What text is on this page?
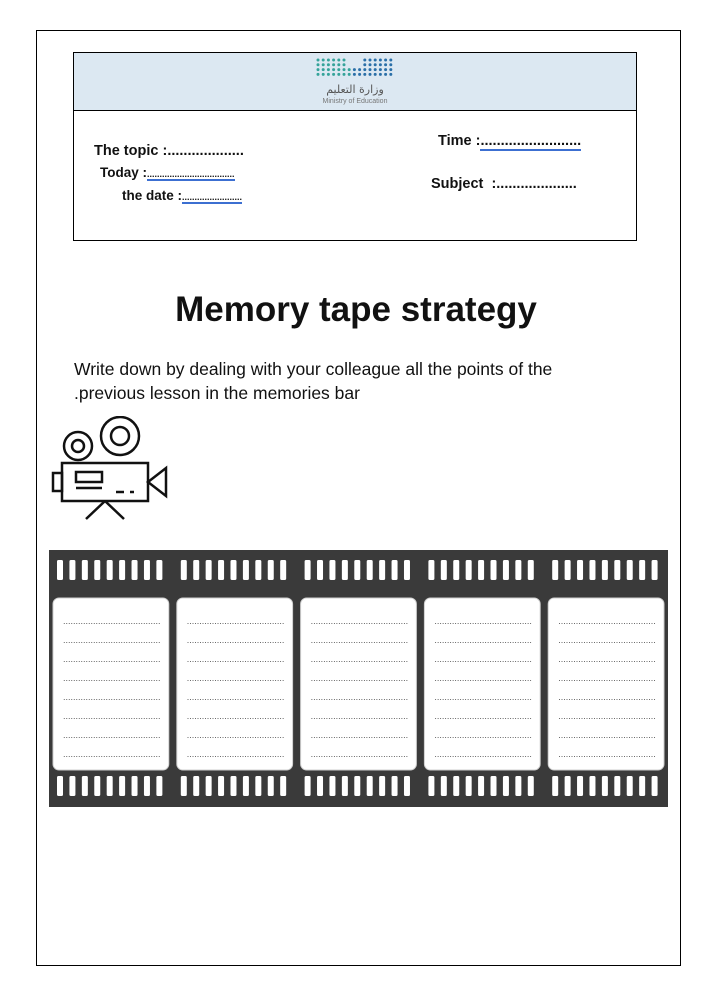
وزارة التعليم
Ministry of Education
The topic :...................
Today :...................................
the date :........................
Time :.........................
Subject :....................
Memory tape strategy
Write down by dealing with your colleague all the points of the
.previous lesson in the memories bar
.......................................
.......................................
.......................................
.......................................
.......................................
.......................................
.......................................
.......................................
.......................................
.......................................
.......................................
.......................................
.......................................
.......................................
.......................................
.......................................
.......................................
.......................................
.......................................
.......................................
.......................................
.......................................
.......................................
.......................................
.......................................
.......................................
.......................................
.......................................
.......................................
.......................................
.......................................
.......................................
.......................................
.......................................
.......................................
.......................................
.......................................
.......................................
.......................................
.......................................
